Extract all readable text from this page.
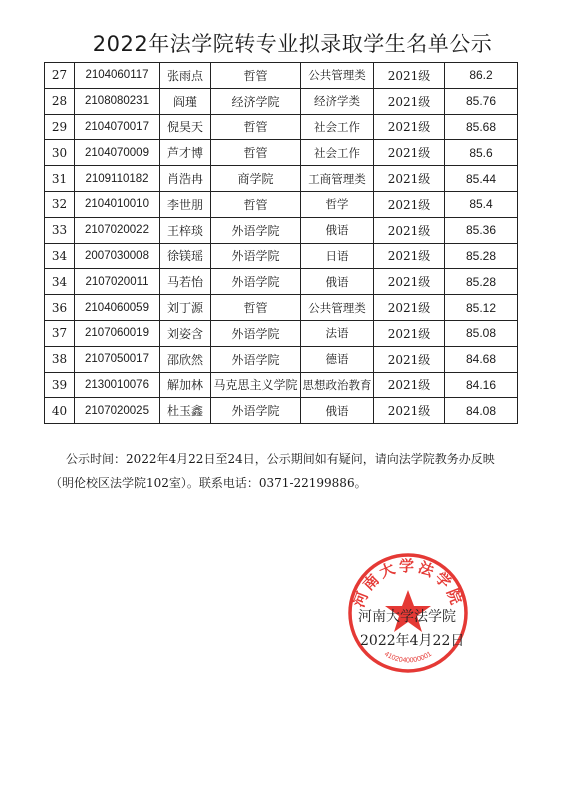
2022年法学院转专业拟录取学生名单公示
27	2104060117	张雨点	哲管	公共管理类	2021级	86.2
28	2108080231	阎瑾	经济学院	经济学类	2021级	85.76
29	2104070017	倪昊天	哲管	社会工作	2021级	85.68
30	2104070009	芦才博	哲管	社会工作	2021级	85.6
31	2109110182	肖浩冉	商学院	工商管理类	2021级	85.44
32	2104010010	李世朋	哲管	哲学	2021级	85.4
33	2107020022	王梓琰	外语学院	俄语	2021级	85.36
34	2007030008	徐镁瑶	外语学院	日语	2021级	85.28
34	2107020011	马若怡	外语学院	俄语	2021级	85.28
36	2104060059	刘丁源	哲管	公共管理类	2021级	85.12
37	2107060019	刘姿含	外语学院	法语	2021级	85.08
38	2107050017	邵欣然	外语学院	德语	2021级	84.68
39	2130010076	解加林	马克思主义学院	思想政治教育	2021级	84.16
40	2107020025	杜玉鑫	外语学院	俄语	2021级	84.08

公示时间：2022年4月22日至24日，公示期间如有疑问，请向法学院教务办反映

（明伦校区法学院102室）。联系电话：0371-22199886。

河南大学法学院
4102040000001
河南大学法学院
2022年4月22日
